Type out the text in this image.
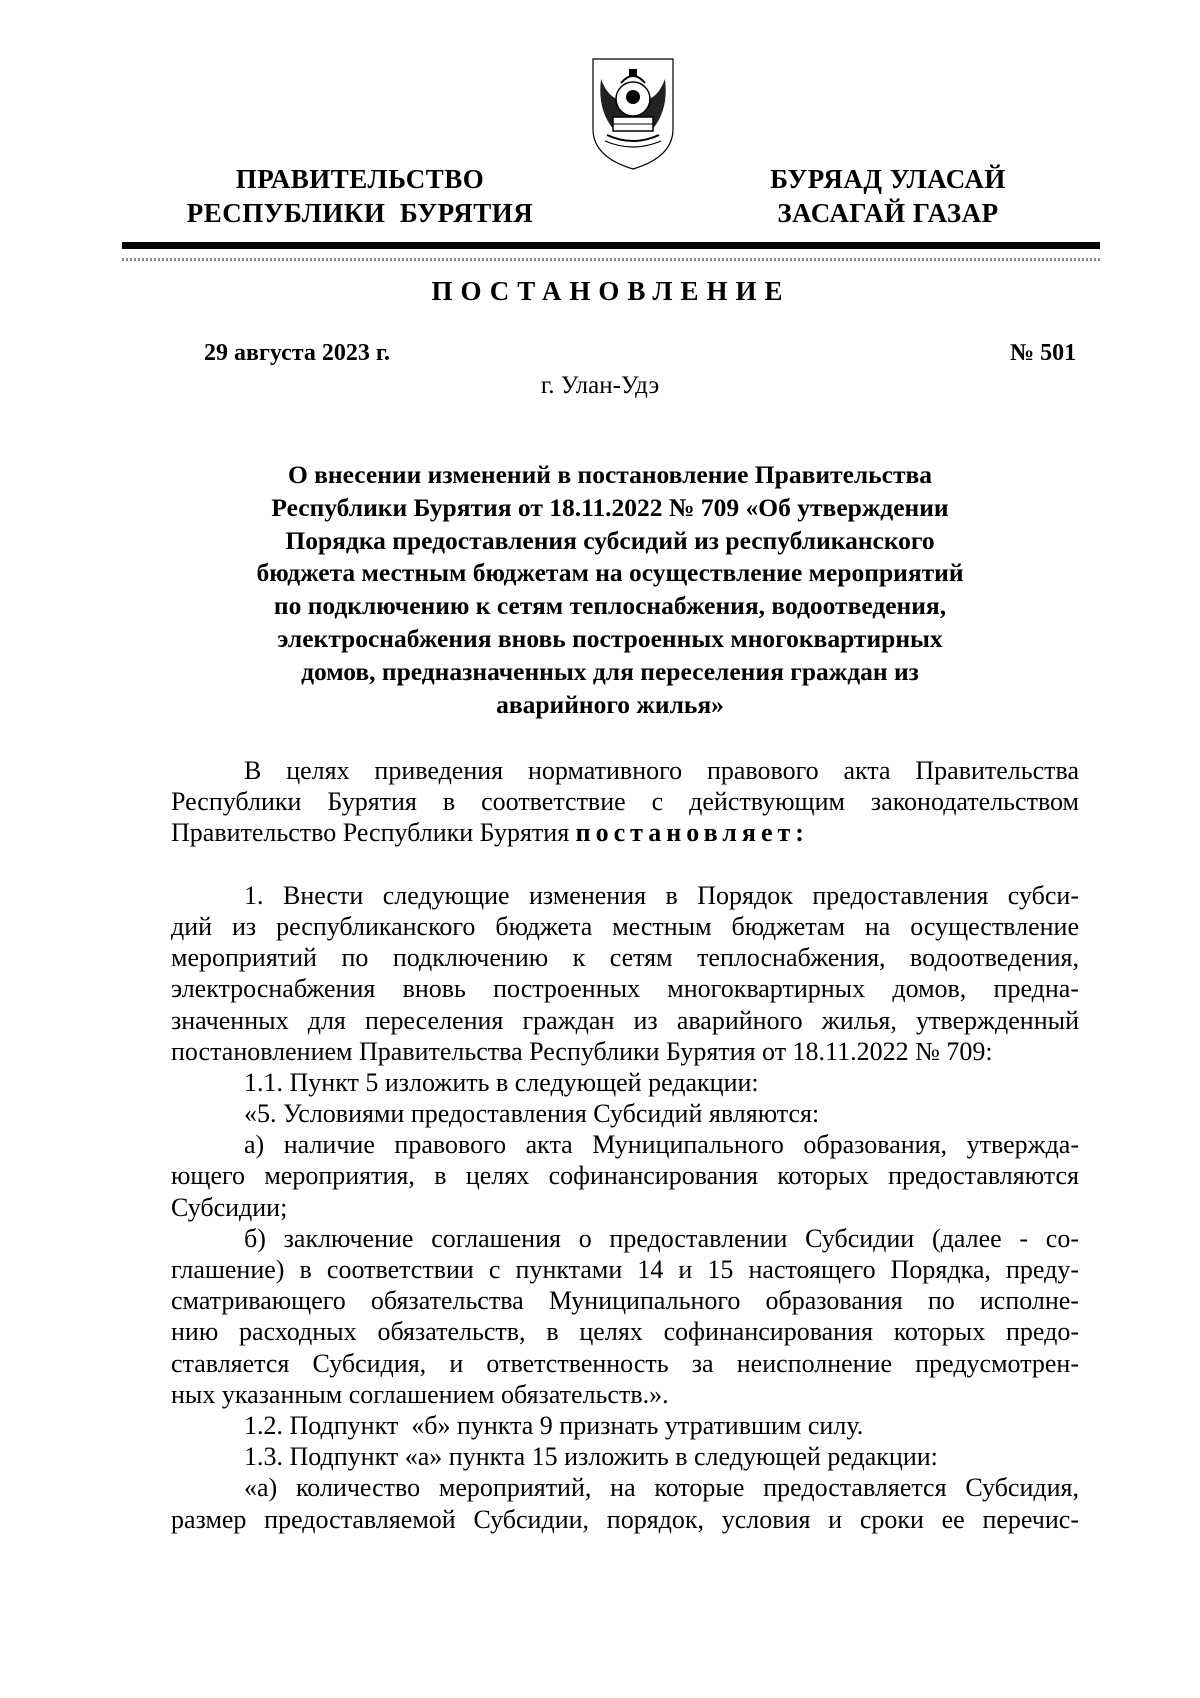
ПРАВИТЕЛЬСТВО
РЕСПУБЛИКИ  БУРЯТИЯ
БУРЯАД УЛАСАЙ
ЗАСАГАЙ ГАЗАР
ПОСТАНОВЛЕНИЕ
29 августа 2023 г.	№ 501
г. Улан-Удэ
О внесении изменений в постановление Правительства
Республики Бурятия от 18.11.2022 № 709 «Об утверждении
Порядка предоставления субсидий из республиканского
бюджета местным бюджетам на осуществление мероприятий
по подключению к сетям теплоснабжения, водоотведения,
электроснабжения вновь построенных многоквартирных
домов, предназначенных для переселения граждан из
аварийного жилья»
В целях приведения нормативного правового акта Правительства
Республики Бурятия в соответствие с действующим законодательством
Правительство Республики Бурятия постановляет:
1. Внести следующие изменения в Порядок предоставления субси-
дий из республиканского бюджета местным бюджетам на осуществление
мероприятий по подключению к сетям теплоснабжения, водоотведения,
электроснабжения вновь построенных многоквартирных домов, предна-
значенных для переселения граждан из аварийного жилья, утвержденный
постановлением Правительства Республики Бурятия от 18.11.2022 № 709:
1.1. Пункт 5 изложить в следующей редакции:
«5. Условиями предоставления Субсидий являются:
а) наличие правового акта Муниципального образования, утвержда-
ющего мероприятия, в целях софинансирования которых предоставляются
Субсидии;
б) заключение соглашения о предоставлении Субсидии (далее - со-
глашение) в соответствии с пунктами 14 и 15 настоящего Порядка, преду-
сматривающего обязательства Муниципального образования по исполне-
нию расходных обязательств, в целях софинансирования которых предо-
ставляется Субсидия, и ответственность за неисполнение предусмотрен-
ных указанным соглашением обязательств.».
1.2. Подпункт  «б» пункта 9 признать утратившим силу.
1.3. Подпункт «а» пункта 15 изложить в следующей редакции:
«а) количество мероприятий, на которые предоставляется Субсидия,
размер предоставляемой Субсидии, порядок, условия и сроки ее перечис-
